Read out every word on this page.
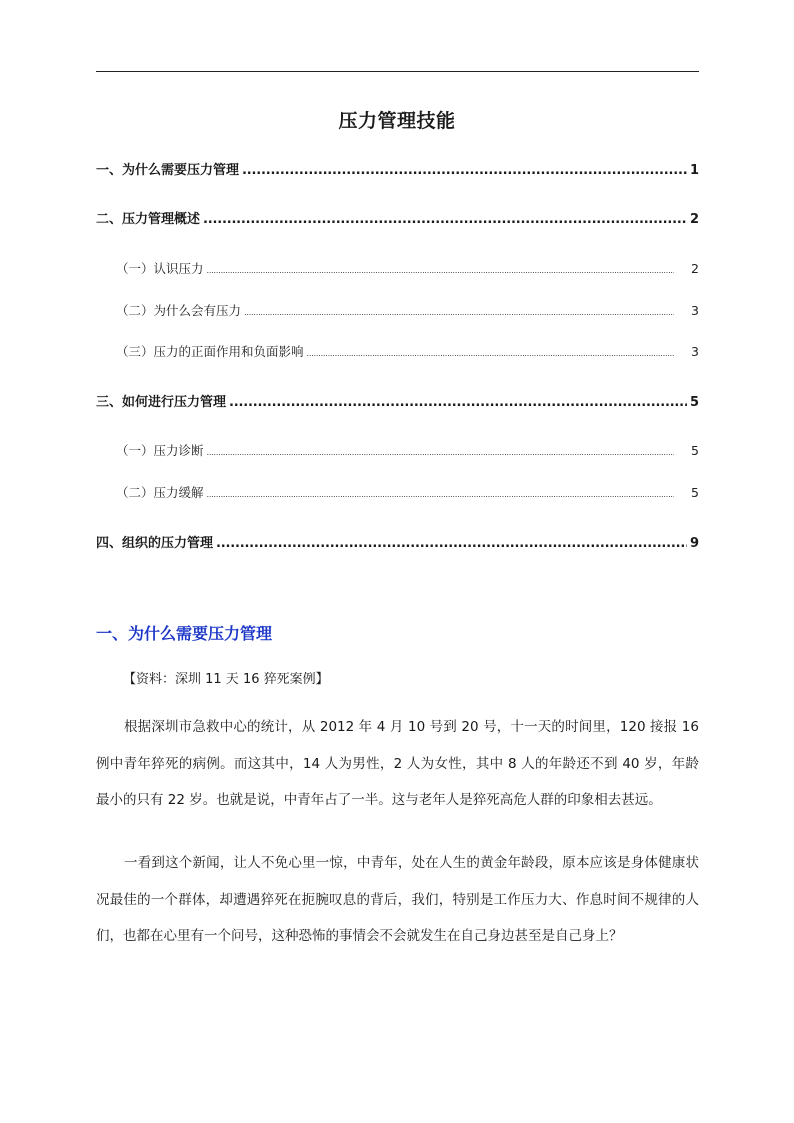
压力管理技能
一、为什么需要压力管理 .....	1
二、压力管理概述 .....	2
（一）认识压力 .....	2
（二）为什么会有压力 .....	3
（三）压力的正面作用和负面影响 .....	3
三、如何进行压力管理 .....	5
（一）压力诊断 .....	5
（二）压力缓解 .....	5
四、组织的压力管理 .....	9
一、为什么需要压力管理
【资料：深圳 11 天 16 猝死案例】

根据深圳市急救中心的统计，从 2012 年 4 月 10 号到 20 号，十一天的时间里，120 接报 16 例中青年猝死的病例。而这其中，14 人为男性，2 人为女性，其中 8 人的年龄还不到 40 岁，年龄最小的只有 22 岁。也就是说，中青年占了一半。这与老年人是猝死高危人群的印象相去甚远。

一看到这个新闻，让人不免心里一惊，中青年，处在人生的黄金年龄段，原本应该是身体健康状况最佳的一个群体，却遭遇猝死在扼腕叹息的背后，我们，特别是工作压力大、作息时间不规律的人们，也都在心里有一个问号，这种恐怖的事情会不会就发生在自己身边甚至是自己身上？
